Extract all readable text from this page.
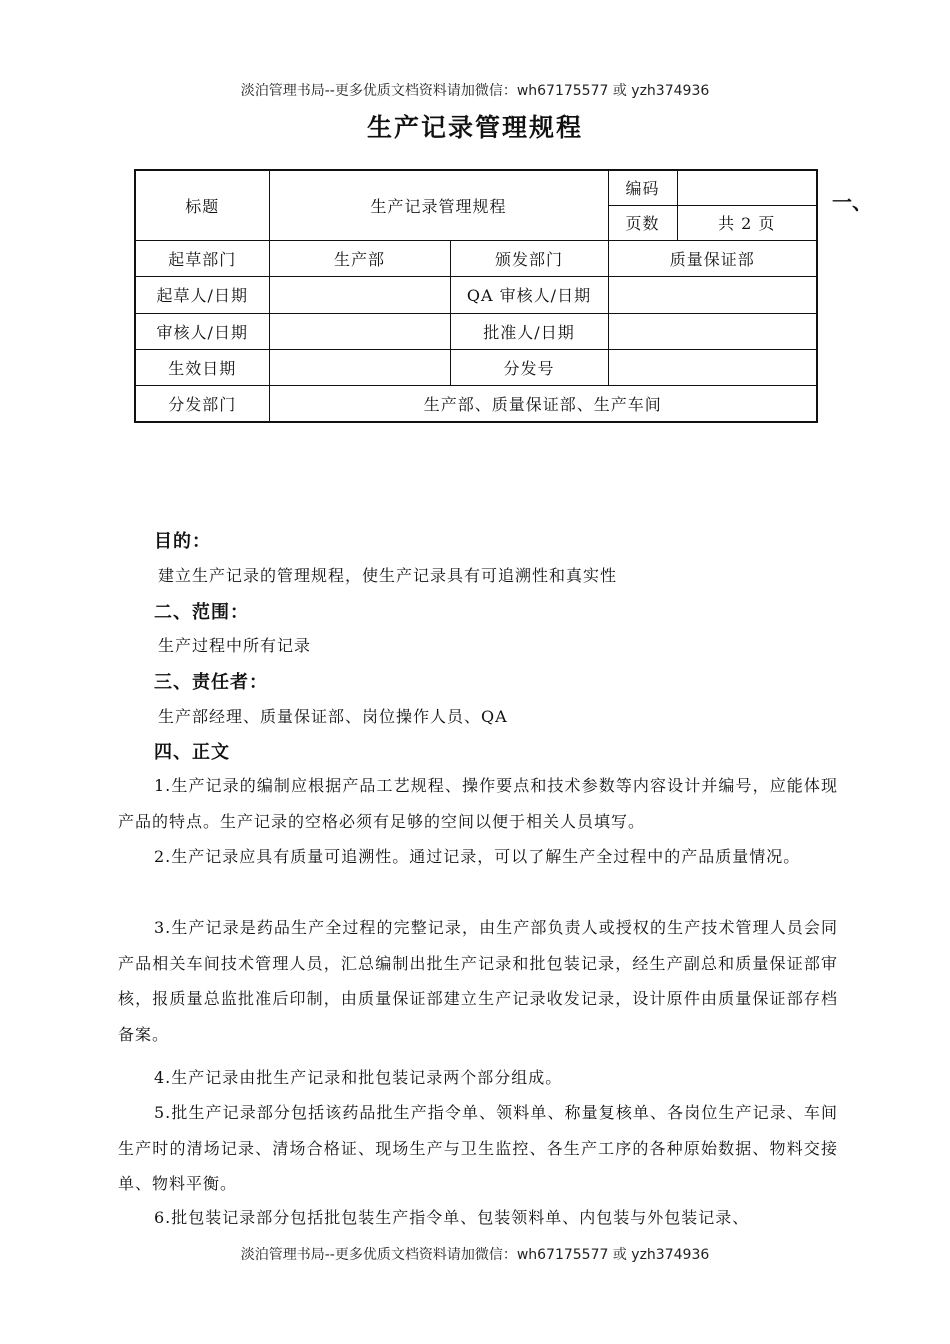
淡泊管理书局--更多优质文档资料请加微信：wh67175577 或 yzh374936
生产记录管理规程
标题	生产记录管理规程		编码	
			页数	共 2 页
起草部门	生产部	颁发部门	质量保证部	
起草人/日期		QA 审核人/日期		
审核人/日期		批准人/日期		
生效日期		分发号		
分发部门	生产部、质量保证部、生产车间			
一、
目的：
建立生产记录的管理规程，使生产记录具有可追溯性和真实性
二、范围：
生产过程中所有记录
三、责任者：
生产部经理、质量保证部、岗位操作人员、QA
四、正文

1.生产记录的编制应根据产品工艺规程、操作要点和技术参数等内容设计并编号，应能体现产品的特点。生产记录的空格必须有足够的空间以便于相关人员填写。

2.生产记录应具有质量可追溯性。通过记录，可以了解生产全过程中的产品质量情况。

3.生产记录是药品生产全过程的完整记录，由生产部负责人或授权的生产技术管理人员会同产品相关车间技术管理人员，汇总编制出批生产记录和批包装记录，经生产副总和质量保证部审核，报质量总监批准后印制，由质量保证部建立生产记录收发记录，设计原件由质量保证部存档备案。

4.生产记录由批生产记录和批包装记录两个部分组成。

5.批生产记录部分包括该药品批生产指令单、领料单、称量复核单、各岗位生产记录、车间生产时的清场记录、清场合格证、现场生产与卫生监控、各生产工序的各种原始数据、物料交接单、物料平衡。

6.批包装记录部分包括批包装生产指令单、包装领料单、内包装与外包装记录、

淡泊管理书局--更多优质文档资料请加微信：wh67175577 或 yzh374936
